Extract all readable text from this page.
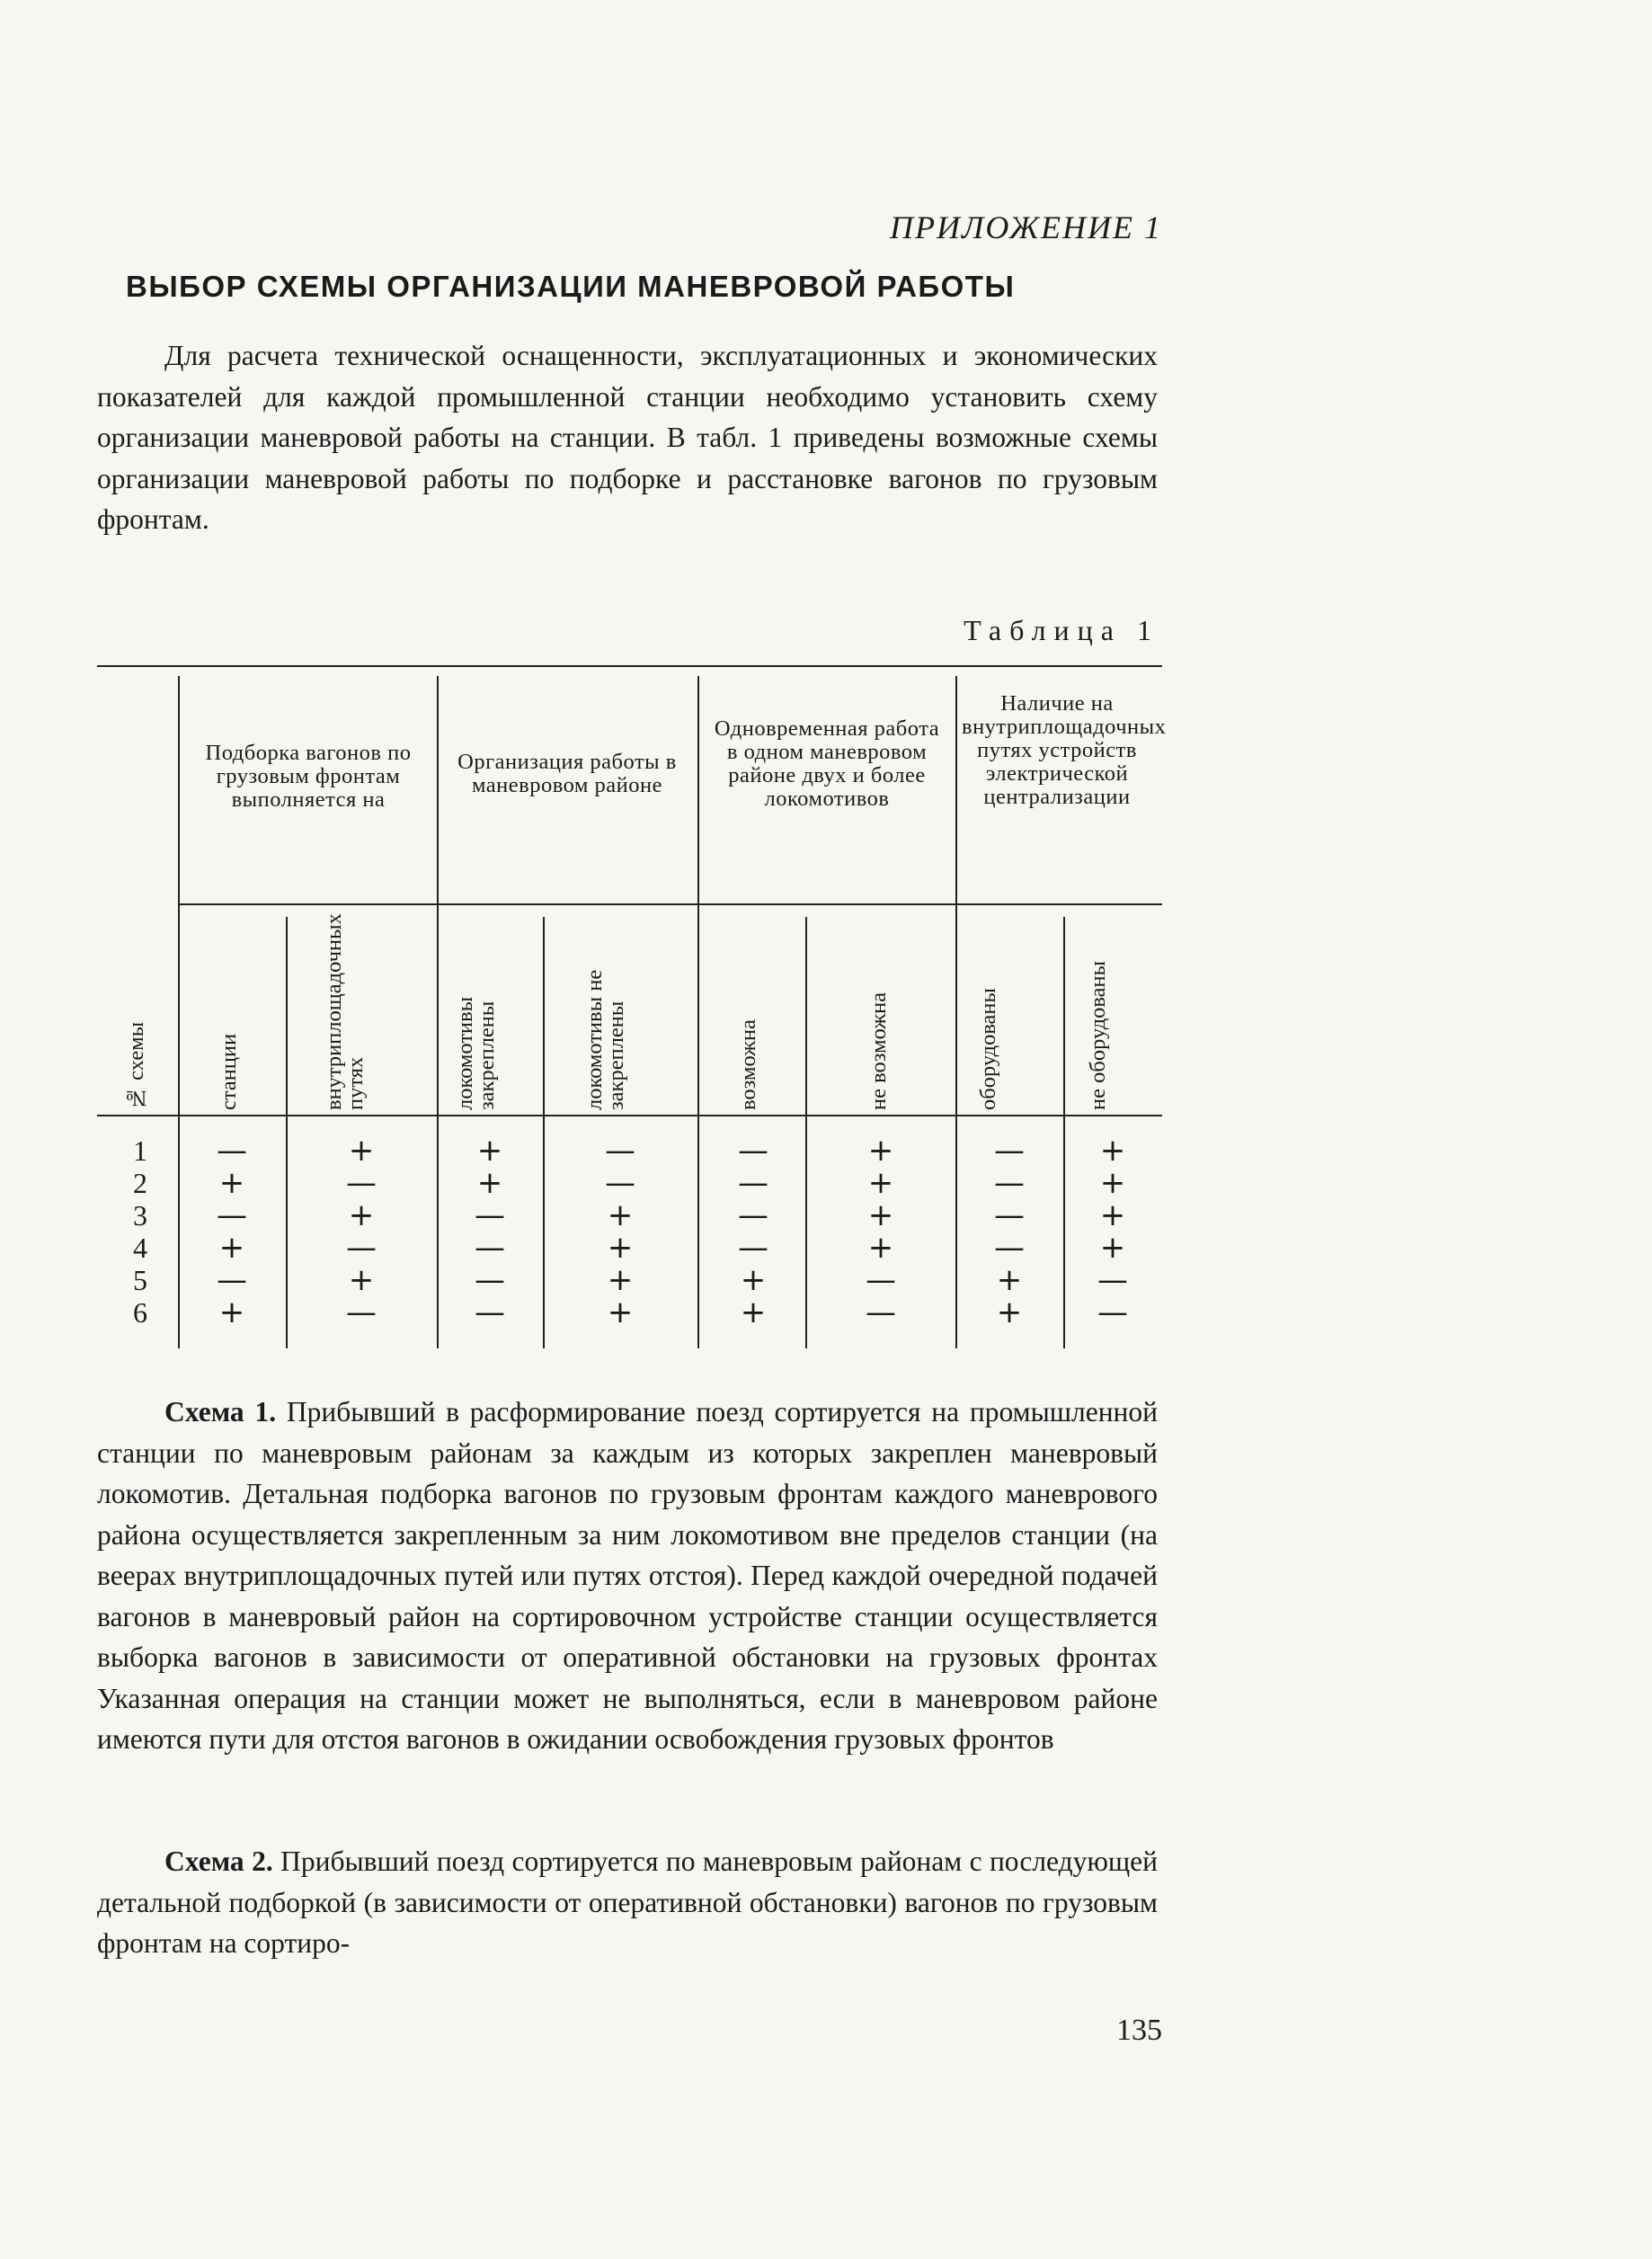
ПРИЛОЖЕНИЕ 1
ВЫБОР СХЕМЫ ОРГАНИЗАЦИИ МАНЕВРОВОЙ РАБОТЫ

Для расчета технической оснащенности, эксплуатационных и экономических показателей для каждой промышленной станции необходимо установить схему организации маневровой работы на станции. В табл. 1 приведены возможные схемы организации маневровой работы по подборке и расстановке вагонов по грузовым фронтам.

Таблица 1
Подборка вагонов по грузовым фронтам выполняется на
Организация работы в маневровом районе
Одновременная работа в одном маневровом районе двух и более локомотивов
Наличие на внутриплощадочных путях устройств электрической централизации
№ схемы	станции	внутриплощадочных путях	локомотивы закреплены	локомотивы не закреплены	возможна	не возможна	оборудованы	не оборудованы
1	—	+	+	—	—	+	—	+
2	+	—	+	—	—	+	—	+
3	—	+	—	+	—	+	—	+
4	+	—	—	+	—	+	—	+
5	—	+	—	+	+	—	+	—
6	+	—	—	+	+	—	+	—

Схема 1. Прибывший в расформирование поезд сортируется на промышленной станции по маневровым районам за каждым из которых закреплен маневровый локомотив. Детальная подборка вагонов по грузовым фронтам каждого маневрового района осуществляется закрепленным за ним локомотивом вне пределов станции (на веерах внутриплощадочных путей или путях отстоя). Перед каждой очередной подачей вагонов в маневровый район на сортировочном устройстве станции осуществляется выборка вагонов в зависимости от оперативной обстановки на грузовых фронтах Указанная операция на станции может не выполняться, если в маневровом районе имеются пути для отстоя вагонов в ожидании освобождения грузовых фронтов

Схема 2. Прибывший поезд сортируется по маневровым районам с последующей детальной подборкой (в зависимости от оперативной обстановки) вагонов по грузовым фронтам на сортиро-

135
